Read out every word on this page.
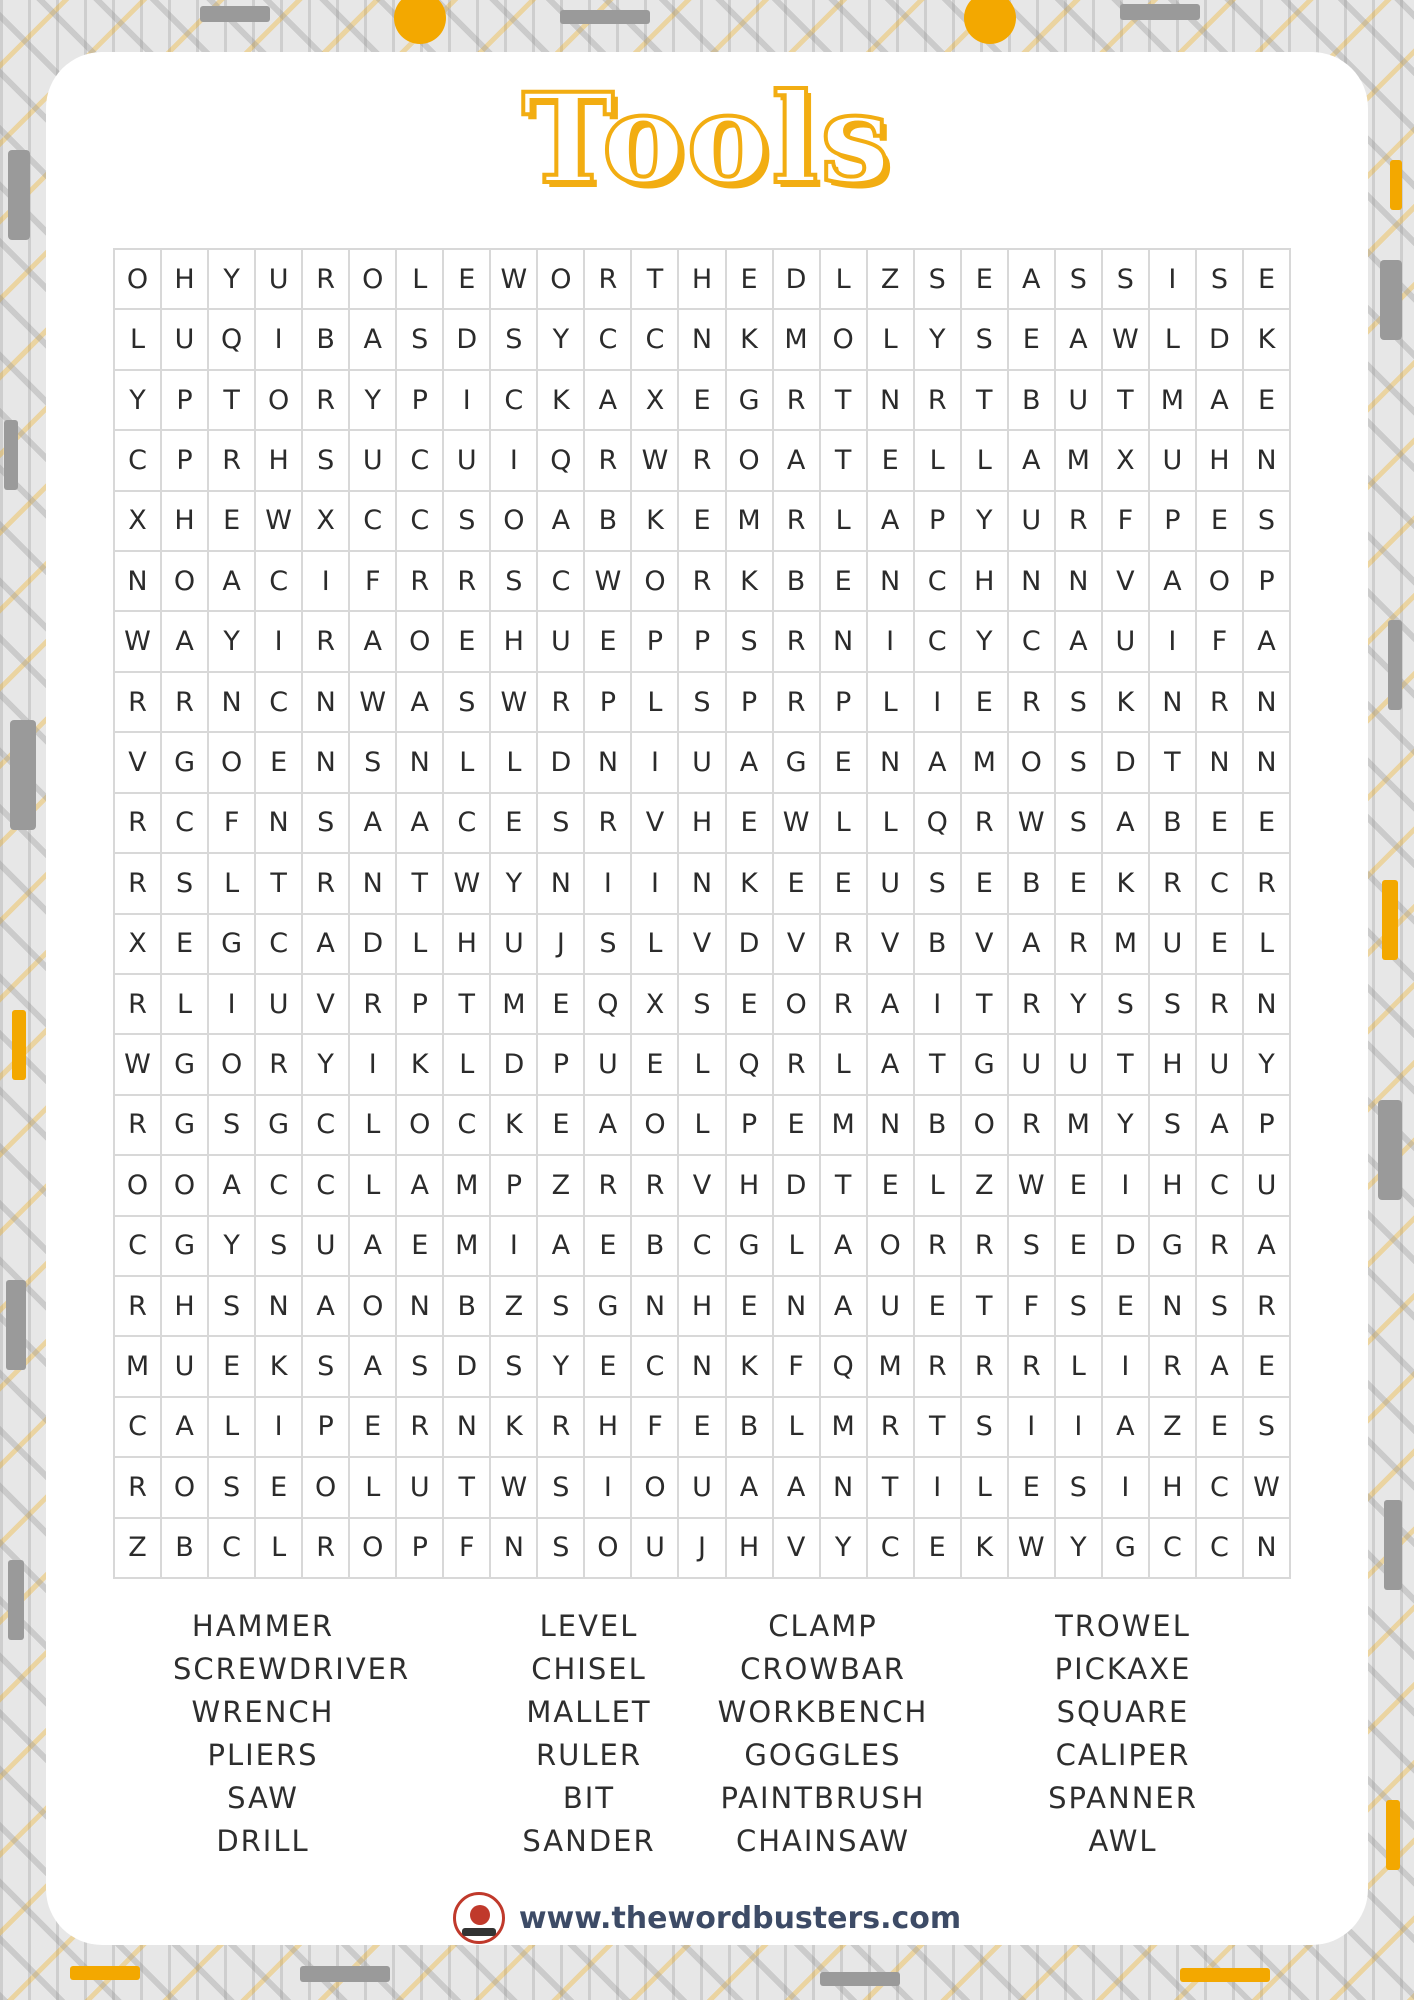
Tools
O H	Y	U	R	O	L	E W O	R	T	H	E	D	L	Z	S	E	A	S	S	I	S	E
L	U Q	I	B	A	S	D	S	Y	C	C	N	K M O	L	Y	S	E	A W L	D	K
Y	P	T	O	R	Y	P	I	C	K	A	X	E	G	R	T	N	R	T	B	U	T	M A	E
C	P	R	H	S	U	C	U	I	Q	R W R	O	A	T	E	L	L	A M X	U	H N
X	H	E W X	C	C	S	O	A	B	K	E M R	L	A	P	Y	U	R	F	P	E	S
N O	A	C	I	F	R	R	S	C W O	R	K	B	E	N	C	H N N	V	A	O	P
W A	Y	I	R	A	O	E	H	U	E	P	P	S	R	N	I	C	Y	C	A	U	I	F	A
R	R	N	C	N W A	S W R	P	L	S	P	R	P	L	I	E	R	S	K	N	R	N
V	G O	E	N	S	N	L	L	D N	I	U	A	G	E	N	A M O	S	D	T	N N
R	C	F	N	S	A	A	C	E	S	R	V	H	E W L	L	Q	R W S	A	B	E	E
R	S	L	T	R	N	T W Y	N	I	I	N	K	E	E	U	S	E	B	E	K	R	C	R
X	E	G	C	A	D	L	H	U	J	S	L	V	D	V	R	V	B	V	A	R M U	E	L
R	L	I	U	V	R	P	T	M E	Q	X	S	E	O	R	A	I	T	R	Y	S	S	R	N
W G O	R	Y	I	K	L	D	P	U	E	L	Q	R	L	A	T	G U	U	T	H	U	Y
R	G	S	G	C	L	O C	K	E	A	O	L	P	E M N	B	O	R M	Y	S	A	P
O O	A	C	C	L	A M	P	Z	R	R	V	H D	T	E	L	Z W E	I	H	C	U
C	G	Y	S	U	A	E M	I	A	E	B	C	G	L	A	O	R	R	S	E	D G	R	A
R	H	S	N	A	O N	B	Z	S	G N H	E	N	A	U	E	T	F	S	E	N	S	R
M U	E	K	S	A	S	D	S	Y	E	C	N	K	F	Q M R	R	R	L	I	R	A	E
C	A	L	I	P	E	R	N	K	R	H	F	E	B	L	M R	T	S	I	I	A	Z	E	S
R	O	S	E	O	L	U	T W S	I	O U	A	A	N	T	I	L	E	S	I	H	C W
Z	B	C	L	R	O	P	F	N	S	O U	J	H	V	Y	C	E	K W Y	G	C	C	N
HAMMER
SCREWDRIVER
WRENCH
PLIERS
SAW
DRILL
LEVEL
CHISEL
MALLET
RULER
BIT
SANDER
CLAMP
CROWBAR
WORKBENCH
GOGGLES
PAINTBRUSH
CHAINSAW
TROWEL
PICKAXE
SQUARE
CALIPER
SPANNER
AWL
www.thewordbusters.com
